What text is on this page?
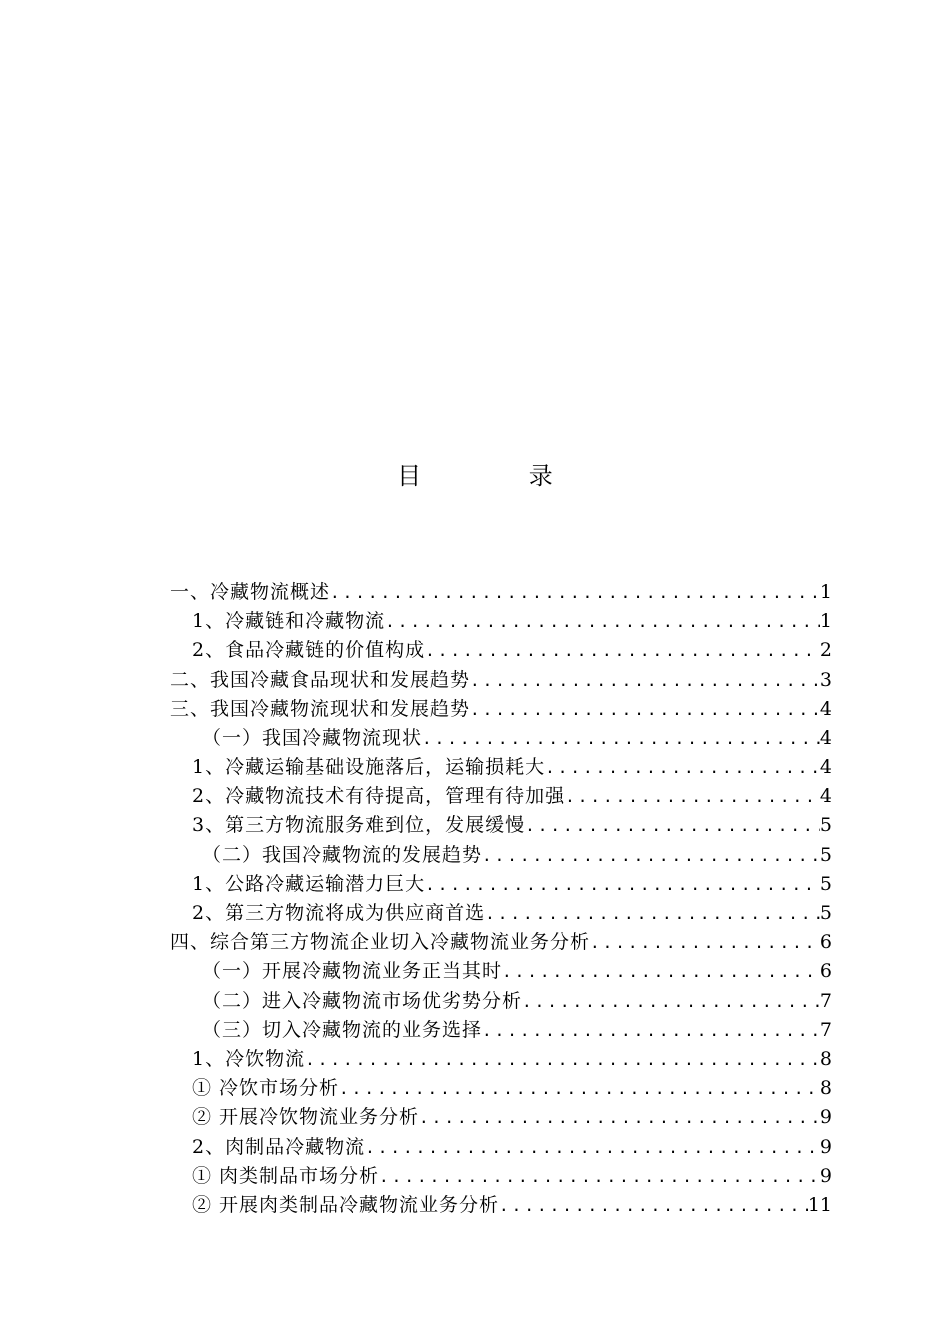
目 录
一、冷藏物流概述 .....	1
1、冷藏链和冷藏物流 .....	1
2、食品冷藏链的价值构成 .....	2
二、我国冷藏食品现状和发展趋势 .....	3
三、我国冷藏物流现状和发展趋势 .....	4
（一）我国冷藏物流现状 .....	4
1、冷藏运输基础设施落后，运输损耗大 .....	4
2、冷藏物流技术有待提高，管理有待加强 .....	4
3、第三方物流服务难到位，发展缓慢 .....	5
（二）我国冷藏物流的发展趋势 .....	5
1、公路冷藏运输潜力巨大 .....	5
2、第三方物流将成为供应商首选 .....	5
四、综合第三方物流企业切入冷藏物流业务分析 .....	6
（一）开展冷藏物流业务正当其时 .....	6
（二）进入冷藏物流市场优劣势分析 .....	7
（三）切入冷藏物流的业务选择 .....	7
1、冷饮物流 .....	8
① 冷饮市场分析 .....	8
② 开展冷饮物流业务分析 .....	9
2、肉制品冷藏物流 .....	9
① 肉类制品市场分析 .....	9
② 开展肉类制品冷藏物流业务分析 .....	11
